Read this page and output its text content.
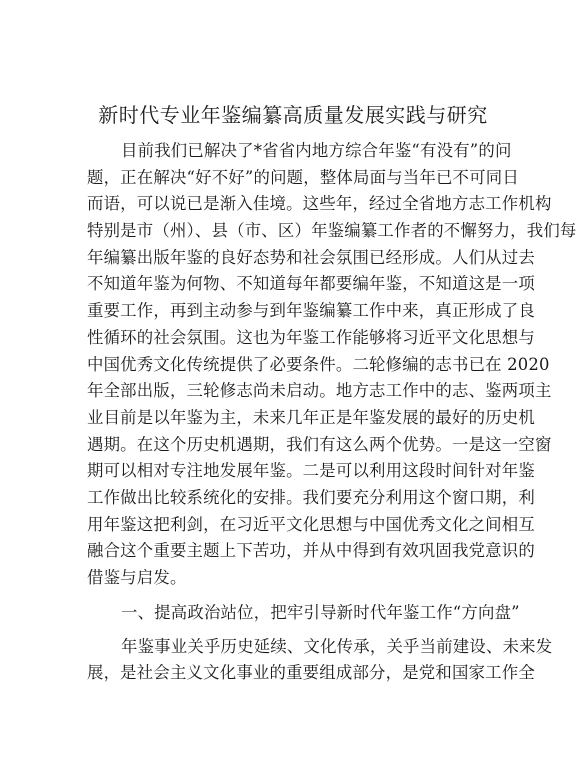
新时代专业年鉴编纂高质量发展实践与研究
目前我们已解决了*省省内地方综合年鉴“有没有”的问
题，正在解决“好不好”的问题，整体局面与当年已不可同日
而语，可以说已是渐入佳境。这些年，经过全省地方志工作机构
特别是市（州）、县（市、区）年鉴编纂工作者的不懈努力，我们每
年编纂出版年鉴的良好态势和社会氛围已经形成。人们从过去
不知道年鉴为何物、不知道每年都要编年鉴，不知道这是一项
重要工作，再到主动参与到年鉴编纂工作中来，真正形成了良
性循环的社会氛围。这也为年鉴工作能够将习近平文化思想与
中国优秀文化传统提供了必要条件。二轮修编的志书已在 2020
年全部出版，三轮修志尚未启动。地方志工作中的志、鉴两项主
业目前是以年鉴为主，未来几年正是年鉴发展的最好的历史机
遇期。在这个历史机遇期，我们有这么两个优势。一是这一空窗
期可以相对专注地发展年鉴。二是可以利用这段时间针对年鉴
工作做出比较系统化的安排。我们要充分利用这个窗口期，利
用年鉴这把利剑，在习近平文化思想与中国优秀文化之间相互
融合这个重要主题上下苦功，并从中得到有效巩固我党意识的
借鉴与启发。
一、提高政治站位，把牢引导新时代年鉴工作“方向盘”
年鉴事业关乎历史延续、文化传承，关乎当前建设、未来发
展，是社会主义文化事业的重要组成部分，是党和国家工作全
